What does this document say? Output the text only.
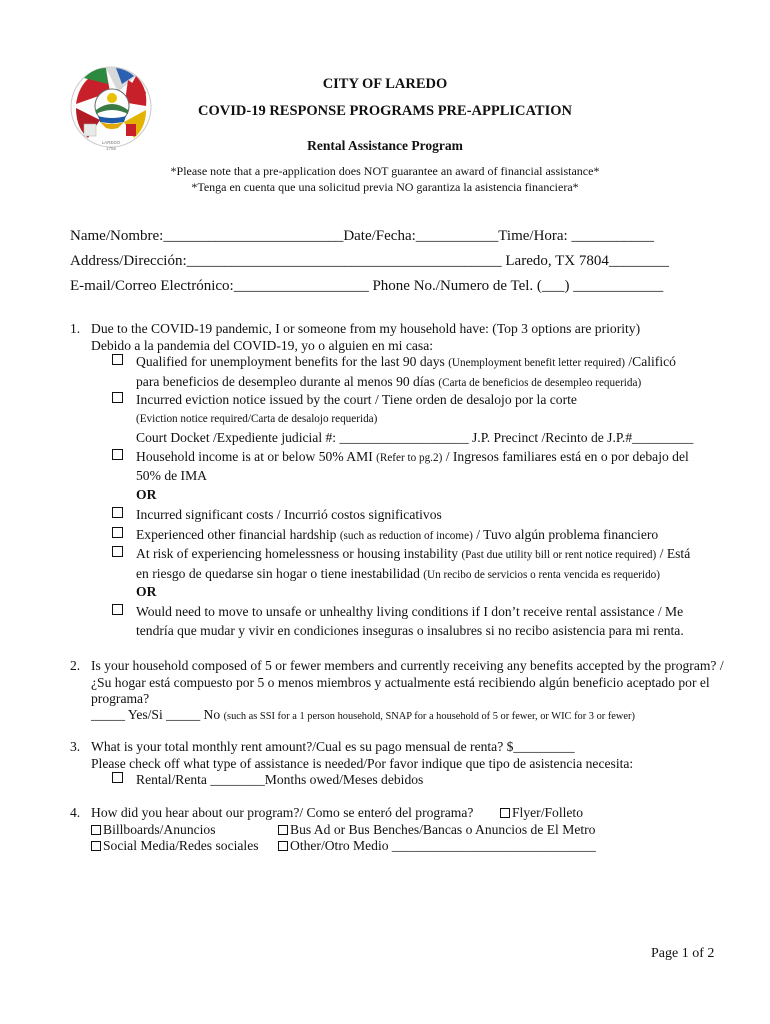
LAREDO
1755
CITY OF LAREDO
COVID-19 RESPONSE PROGRAMS PRE-APPLICATION
Rental Assistance Program
*Please note that a pre-application does NOT guarantee an award of financial assistance*
*Tenga en cuenta que una solicitud previa NO garantiza la asistencia financiera*
Name/Nombre:________________________Date/Fecha:___________Time/Hora: ___________
Address/Dirección:__________________________________________ Laredo, TX 7804________
E-mail/Correo Electrónico:__________________ Phone No./Numero de Tel. (___) ____________
1. Due to the COVID-19 pandemic, I or someone from my household have: (Top 3 options are priority)
Debido a la pandemia del COVID-19, yo o alguien en mi casa:
Qualified for unemployment benefits for the last 90 days (Unemployment benefit letter required) /Calificó
para beneficios de desempleo durante al menos 90 días (Carta de beneficios de desempleo requerida)
Incurred eviction notice issued by the court / Tiene orden de desalojo por la corte
(Eviction notice required/Carta de desalojo requerida)
Court Docket /Expediente judicial #: ___________________ J.P. Precinct /Recinto de J.P.#_________
Household income is at or below 50% AMI (Refer to pg.2) / Ingresos familiares está en o por debajo del
50% de IMA
OR
Incurred significant costs / Incurrió costos significativos
Experienced other financial hardship (such as reduction of income) / Tuvo algún problema financiero
At risk of experiencing homelessness or housing instability (Past due utility bill or rent notice required) / Está
en riesgo de quedarse sin hogar o tiene inestabilidad (Un recibo de servicios o renta vencida es requerido)
OR
Would need to move to unsafe or unhealthy living conditions if I don’t receive rental assistance / Me
tendría que mudar y vivir en condiciones inseguras o insalubres si no recibo asistencia para mi renta.
2. Is your household composed of 5 or fewer members and currently receiving any benefits accepted by the program? /
¿Su hogar está compuesto por 5 o menos miembros y actualmente está recibiendo algún beneficio aceptado por el
programa?
_____ Yes/Si _____ No (such as SSI for a 1 person household, SNAP for a household of 5 or fewer, or WIC for 3 or fewer)
3. What is your total monthly rent amount?/Cual es su pago mensual de renta? $_________
Please check off what type of assistance is needed/Por favor indique que tipo de asistencia necesita:
Rental/Renta ________Months owed/Meses debidos
4. How did you hear about our program?/ Como se enteró del programa?	Flyer/Folleto
Billboards/Anuncios	Bus Ad or Bus Benches/Bancas o Anuncios de El Metro
Social Media/Redes sociales	Other/Otro Medio ______________________________
Page 1 of 2
